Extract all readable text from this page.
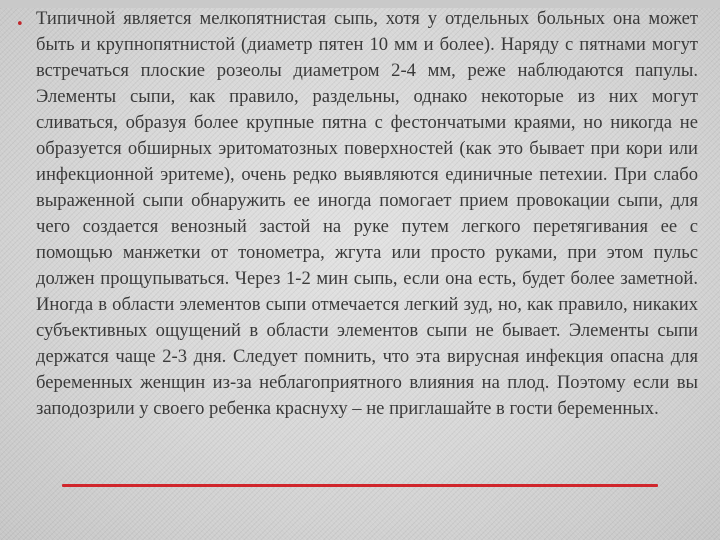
• Типичной является мелкопятнистая сыпь, хотя у отдельных больных она может быть и крупнопятнистой (диаметр пятен 10 мм и более). Наряду с пятнами могут встречаться плоские розеолы диаметром 2-4 мм, реже наблюдаются папулы. Элементы сыпи, как правило, раздельны, однако некоторые из них могут сливаться, образуя более крупные пятна с фестончатыми краями, но никогда не образуется обширных эритоматозных поверхностей (как это бывает при кори или инфекционной эритеме), очень редко выявляются единичные петехии. При слабо выраженной сыпи обнаружить ее иногда помогает прием провокации сыпи, для чего создается венозный застой на руке путем легкого перетягивания ее с помощью манжетки от тонометра, жгута или просто руками, при этом пульс должен прощупываться. Через 1-2 мин сыпь, если она есть, будет более заметной. Иногда в области элементов сыпи отмечается легкий зуд, но, как правило, никаких субъективных ощущений в области элементов сыпи не бывает. Элементы сыпи держатся чаще 2-3 дня. Следует помнить, что эта вирусная инфекция опасна для беременных женщин из-за неблагоприятного влияния на плод. Поэтому если вы заподозрили у своего ребенка краснуху – не приглашайте в гости беременных.
